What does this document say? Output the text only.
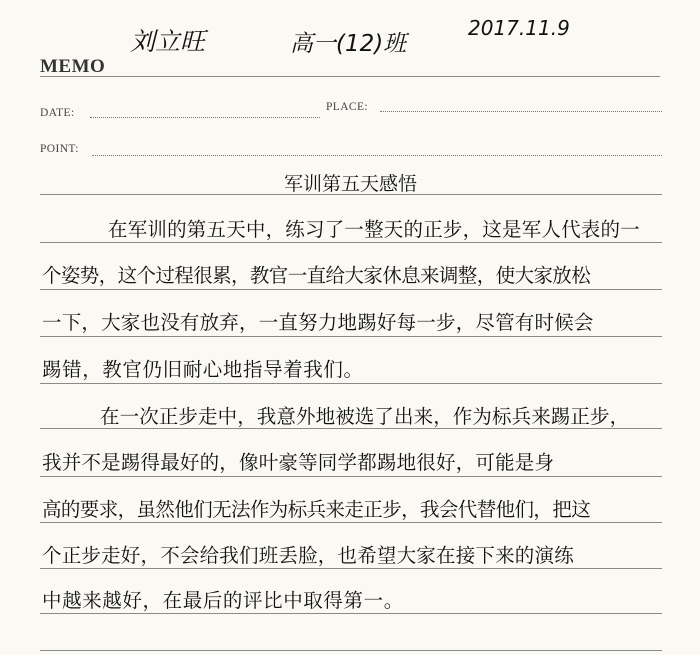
刘立旺	高一(12)班
2017.11.9
MEMO
DATE:	PLACE:
POINT:
军训第五天感悟
在军训的第五天中，练习了一整天的正步，这是军人代表的一
个姿势，这个过程很累，教官一直给大家休息来调整，使大家放松
一下，大家也没有放弃，一直努力地踢好每一步，尽管有时候会
踢错，教官仍旧耐心地指导着我们。
在一次正步走中，我意外地被选了出来，作为标兵来踢正步，
我并不是踢得最好的，像叶豪等同学都踢地很好，可能是身
高的要求，虽然他们无法作为标兵来走正步，我会代替他们，把这
个正步走好，不会给我们班丢脸，也希望大家在接下来的演练
中越来越好，在最后的评比中取得第一。
